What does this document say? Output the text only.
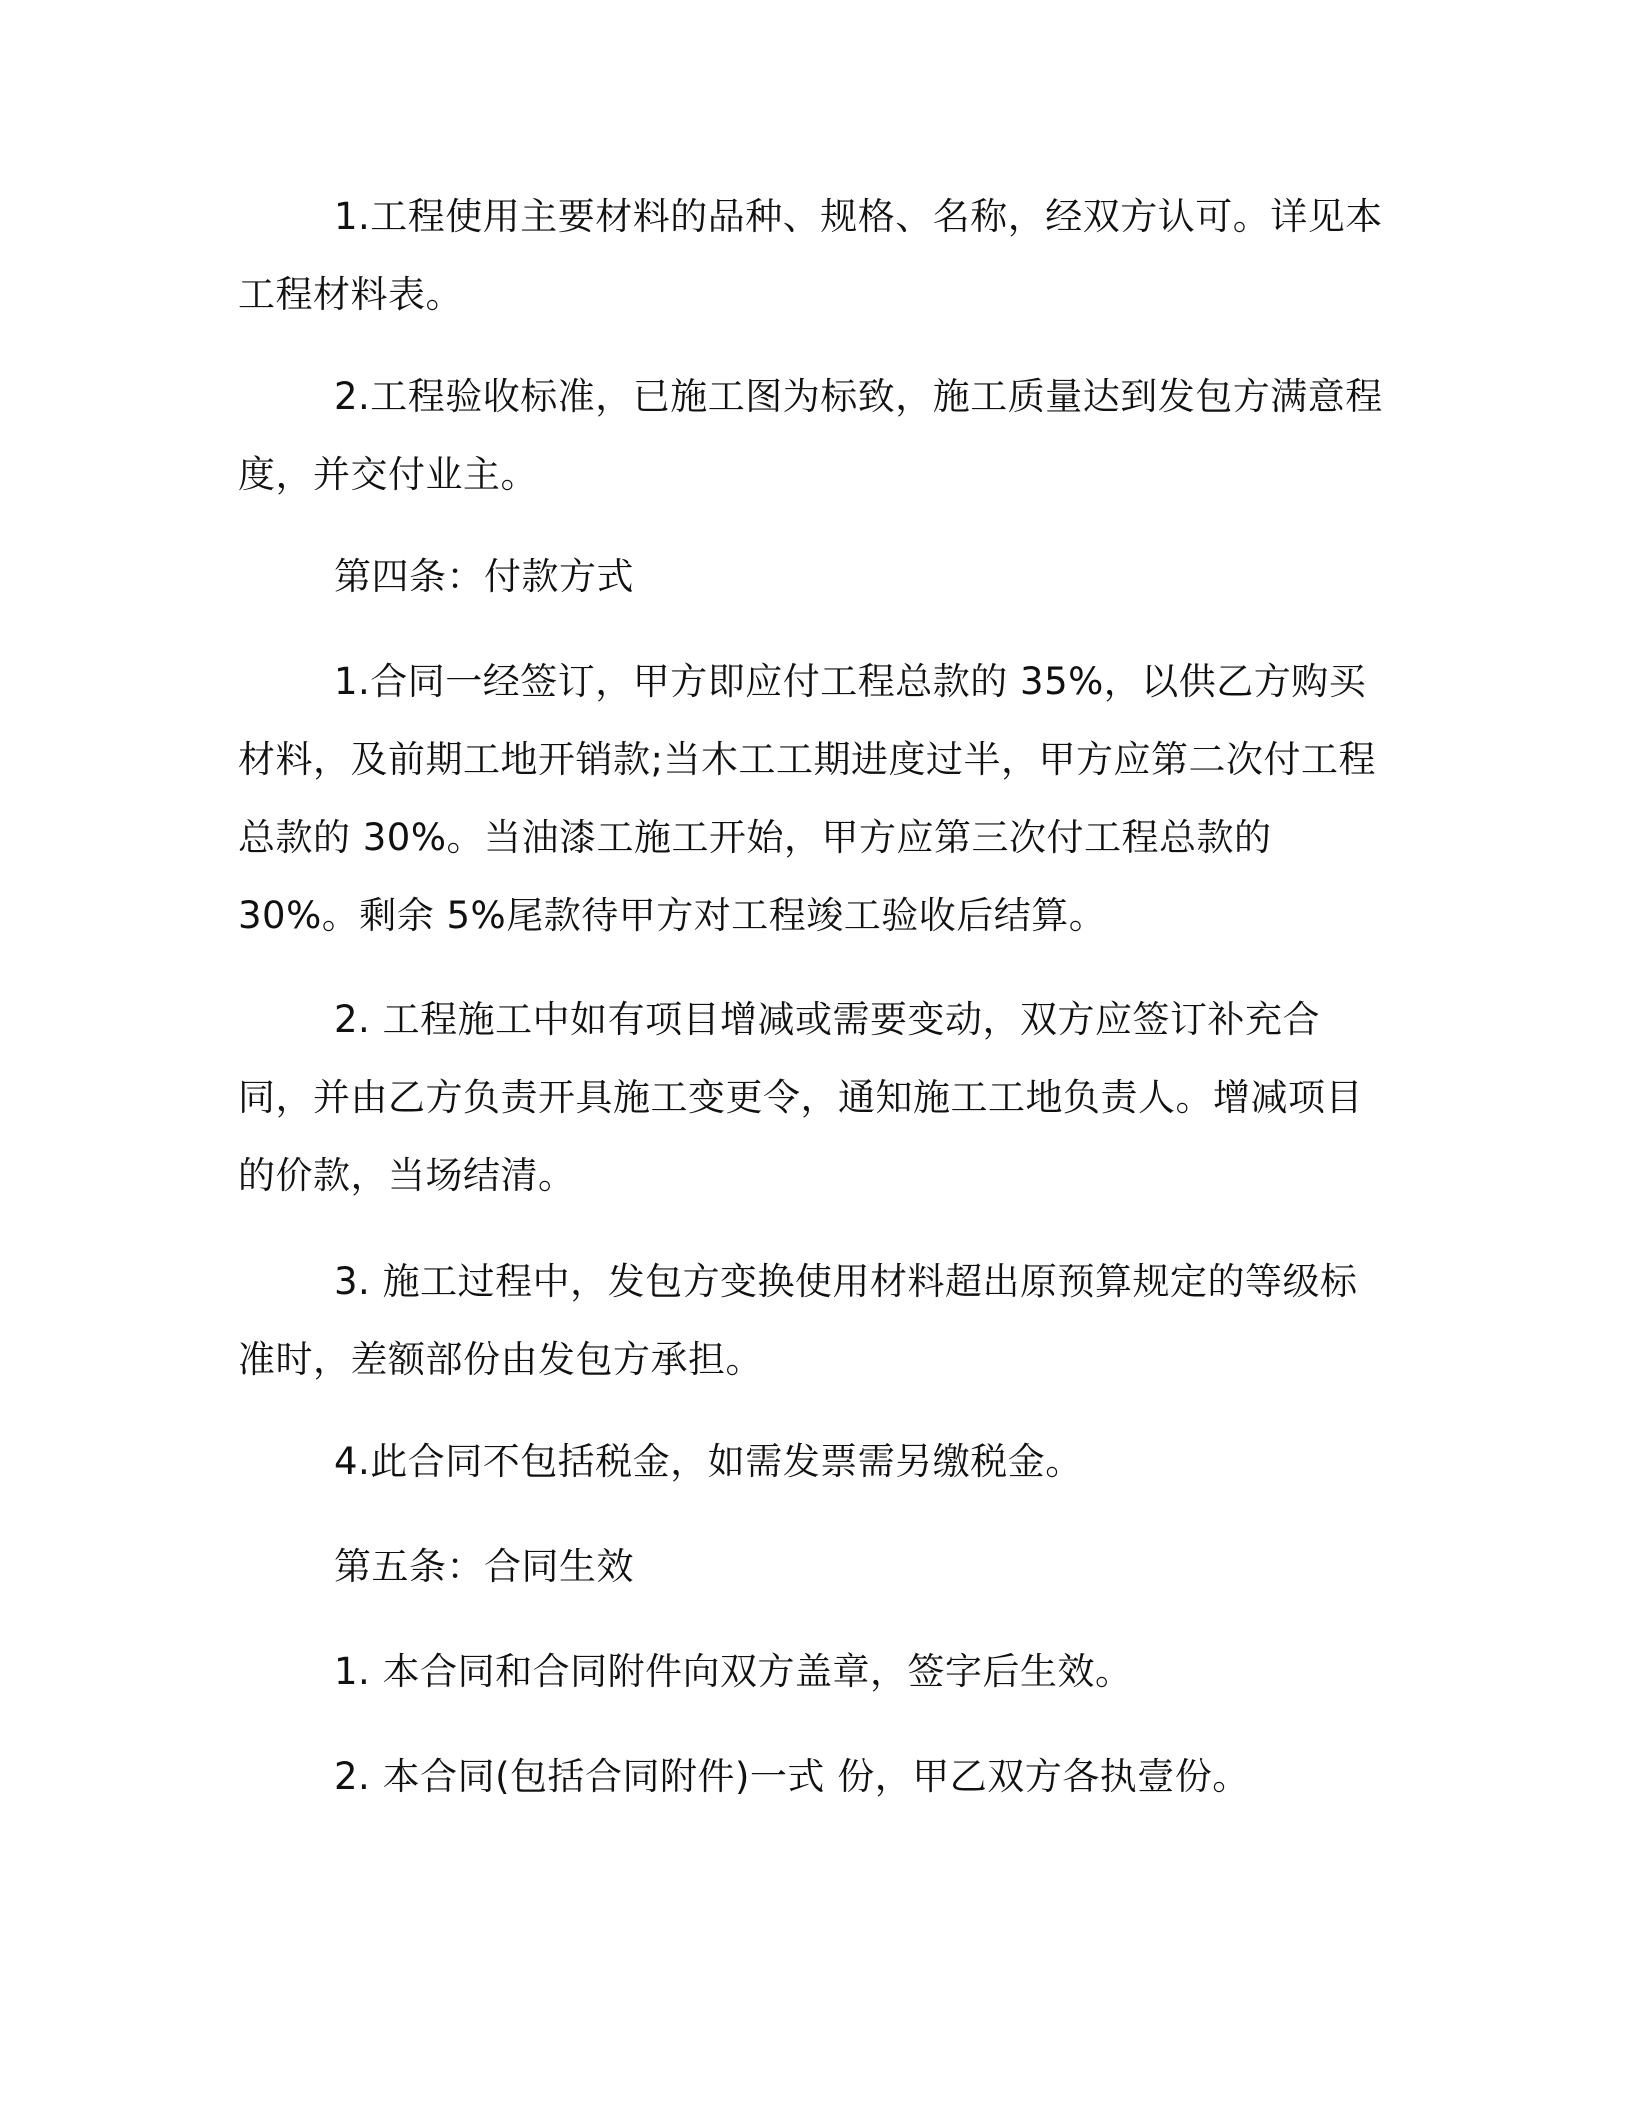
1.工程使用主要材料的品种、规格、名称，经双方认可。详见本工程材料表。

2.工程验收标准，已施工图为标致，施工质量达到发包方满意程度，并交付业主。

第四条：付款方式

1.合同一经签订，甲方即应付工程总款的 35%，以供乙方购买材料，及前期工地开销款;当木工工期进度过半，甲方应第二次付工程总款的 30%。当油漆工施工开始，甲方应第三次付工程总款的 30%。剩余 5%尾款待甲方对工程竣工验收后结算。

2. 工程施工中如有项目增减或需要变动，双方应签订补充合同，并由乙方负责开具施工变更令，通知施工工地负责人。增减项目的价款，当场结清。

3. 施工过程中，发包方变换使用材料超出原预算规定的等级标准时，差额部份由发包方承担。

4.此合同不包括税金，如需发票需另缴税金。

第五条：合同生效

1. 本合同和合同附件向双方盖章，签字后生效。

2. 本合同(包括合同附件)一式 份，甲乙双方各执壹份。
